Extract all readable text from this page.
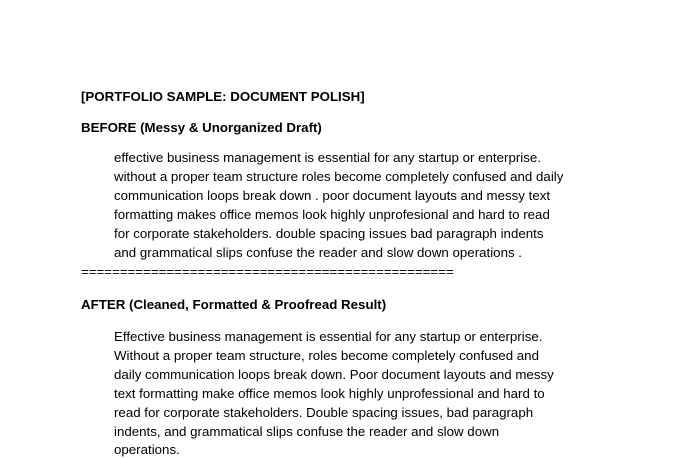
[PORTFOLIO SAMPLE: DOCUMENT POLISH]

BEFORE (Messy & Unorganized Draft)

effective business management is essential for any startup or enterprise.
without a proper team structure roles become completely confused and daily
communication loops break down . poor document layouts and messy text
formatting makes office memos look highly unprofesional and hard to read
for corporate stakeholders. double spacing issues bad paragraph indents
and grammatical slips confuse the reader and slow down operations .

================================================

AFTER (Cleaned, Formatted & Proofread Result)

Effective business management is essential for any startup or enterprise.
Without a proper team structure, roles become completely confused and
daily communication loops break down. Poor document layouts and messy
text formatting make office memos look highly unprofessional and hard to
read for corporate stakeholders. Double spacing issues, bad paragraph
indents, and grammatical slips confuse the reader and slow down
operations.
